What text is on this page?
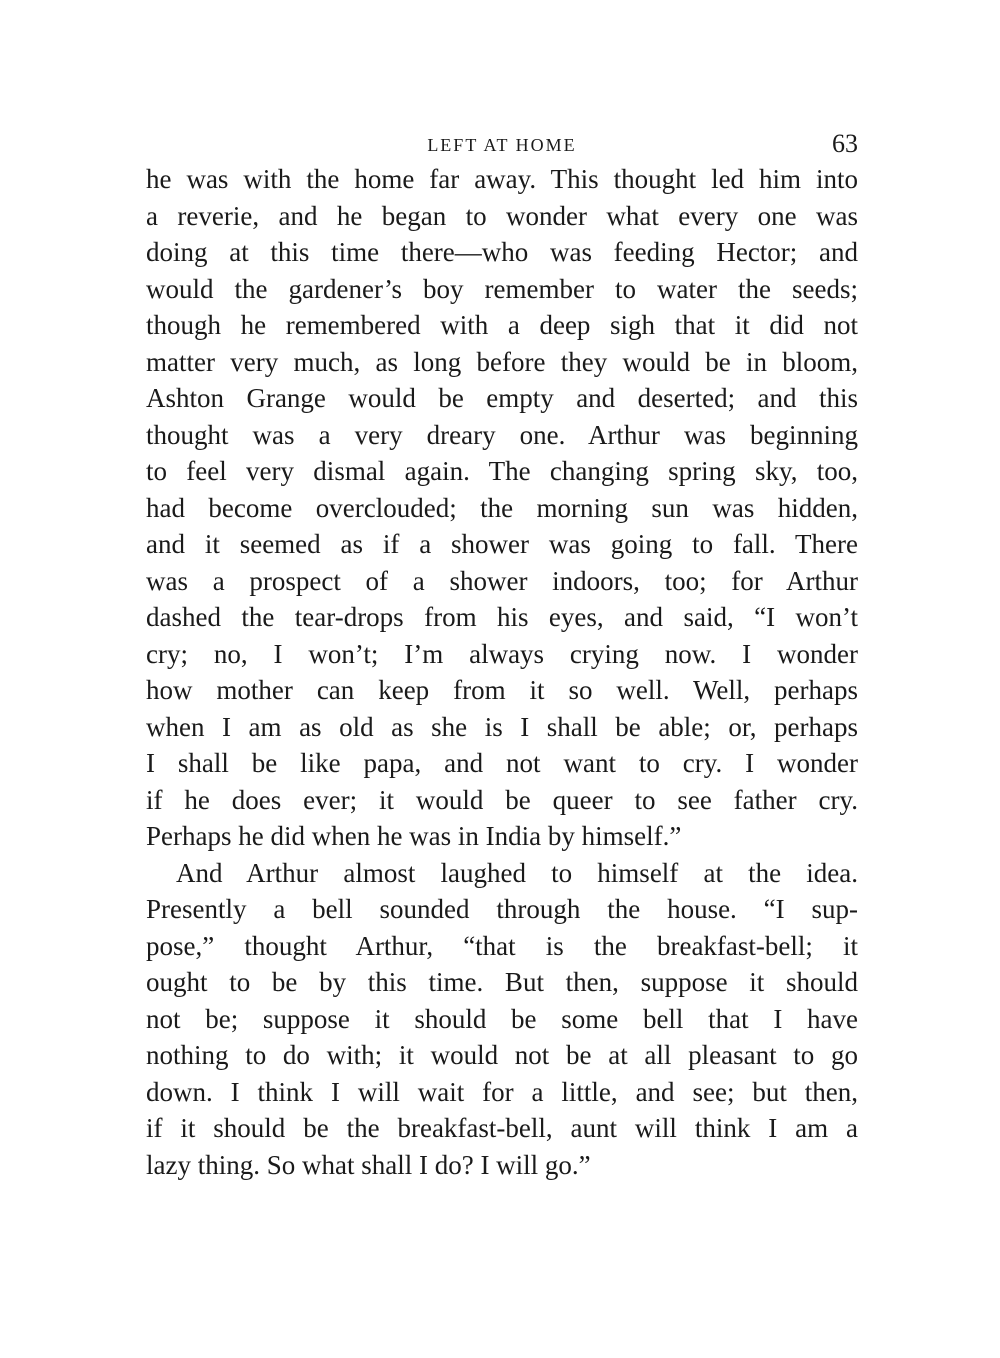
LEFT AT HOME	63
he was with the home far away. This thought led him into
a reverie, and he began to wonder what every one was
doing at this time there—who was feeding Hector; and
would the gardener’s boy remember to water the seeds;
though he remembered with a deep sigh that it did not
matter very much, as long before they would be in bloom,
Ashton Grange would be empty and deserted; and this
thought was a very dreary one. Arthur was beginning
to feel very dismal again. The changing spring sky, too,
had become overclouded; the morning sun was hidden,
and it seemed as if a shower was going to fall. There
was a prospect of a shower indoors, too; for Arthur
dashed the tear-drops from his eyes, and said, “I won’t
cry; no, I won’t; I’m always crying now. I wonder
how mother can keep from it so well. Well, perhaps
when I am as old as she is I shall be able; or, perhaps
I shall be like papa, and not want to cry. I wonder
if he does ever; it would be queer to see father cry.
Perhaps he did when he was in India by himself.”
And Arthur almost laughed to himself at the idea.
Presently a bell sounded through the house. “I sup-
pose,” thought Arthur, “that is the breakfast-bell; it
ought to be by this time. But then, suppose it should
not be; suppose it should be some bell that I have
nothing to do with; it would not be at all pleasant to go
down. I think I will wait for a little, and see; but then,
if it should be the breakfast-bell, aunt will think I am a
lazy thing. So what shall I do? I will go.”
